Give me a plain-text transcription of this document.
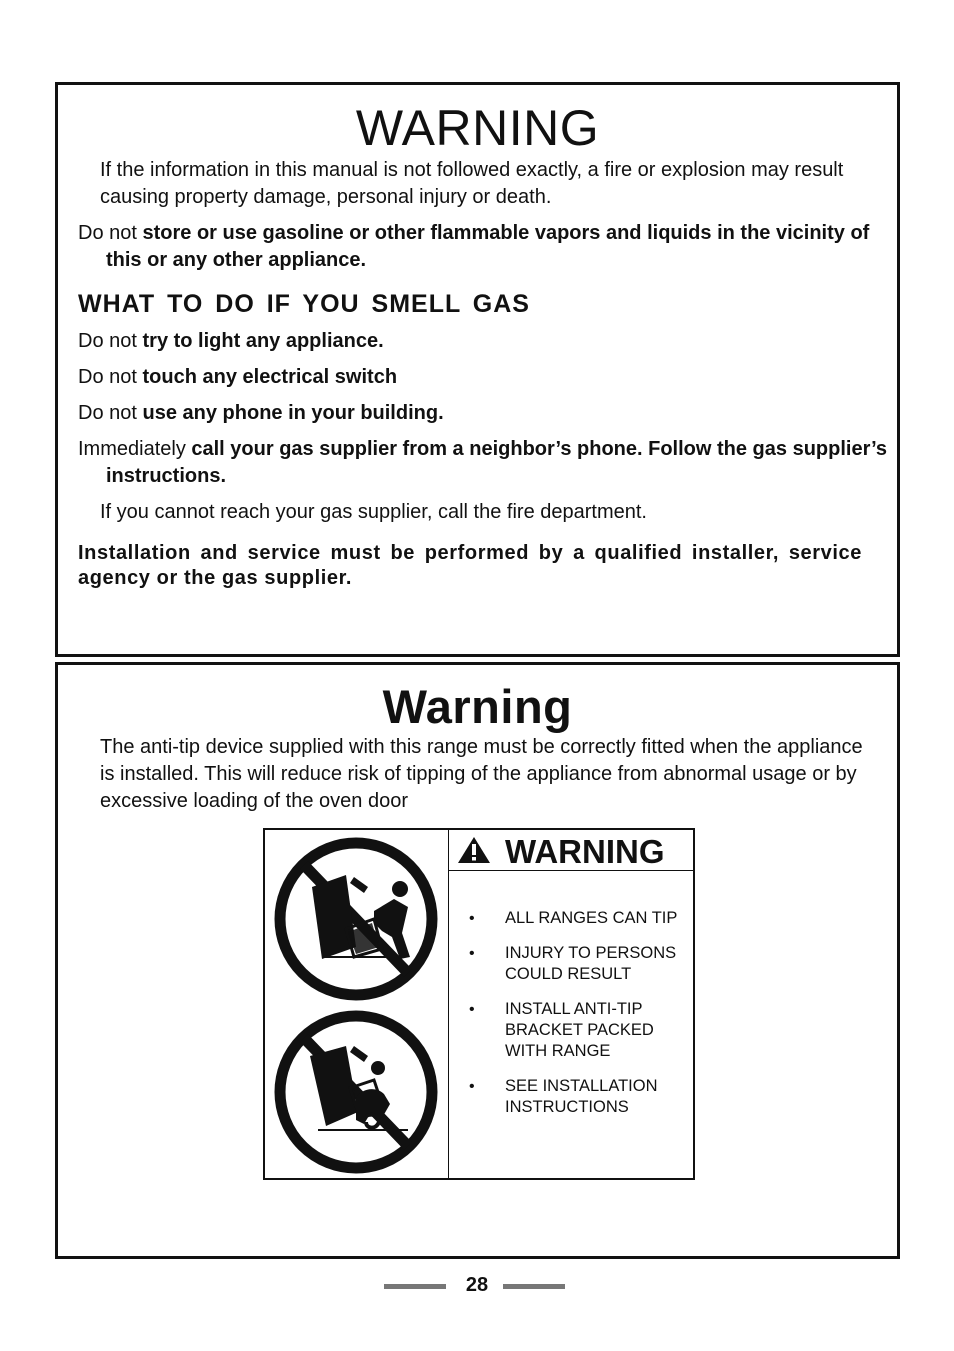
WARNING

If the information in this manual is not followed exactly, a fire or explosion may result causing property damage, personal injury or death.

Do not store or use gasoline or other flammable vapors and liquids in the vicinity of this or any other appliance.

WHAT TO DO IF YOU SMELL GAS

Do not try to light any appliance.

Do not touch any electrical switch

Do not use any phone in your building.

Immediately call your gas supplier from a neighbor’s phone. Follow the gas supplier’s instructions.

If you cannot reach your gas supplier, call the fire department.

Installation and service must be performed by a qualified installer, service agency or the gas supplier.
Warning

The anti-tip device supplied with this range must be correctly fitted when the appliance is installed. This will reduce risk of tipping of the appliance from abnormal usage or by excessive loading of the oven door

WARNING
• ALL RANGES CAN TIP
• INJURY TO PERSONS COULD RESULT
• INSTALL ANTI-TIP BRACKET PACKED WITH RANGE
• SEE INSTALLATION INSTRUCTIONS
28
